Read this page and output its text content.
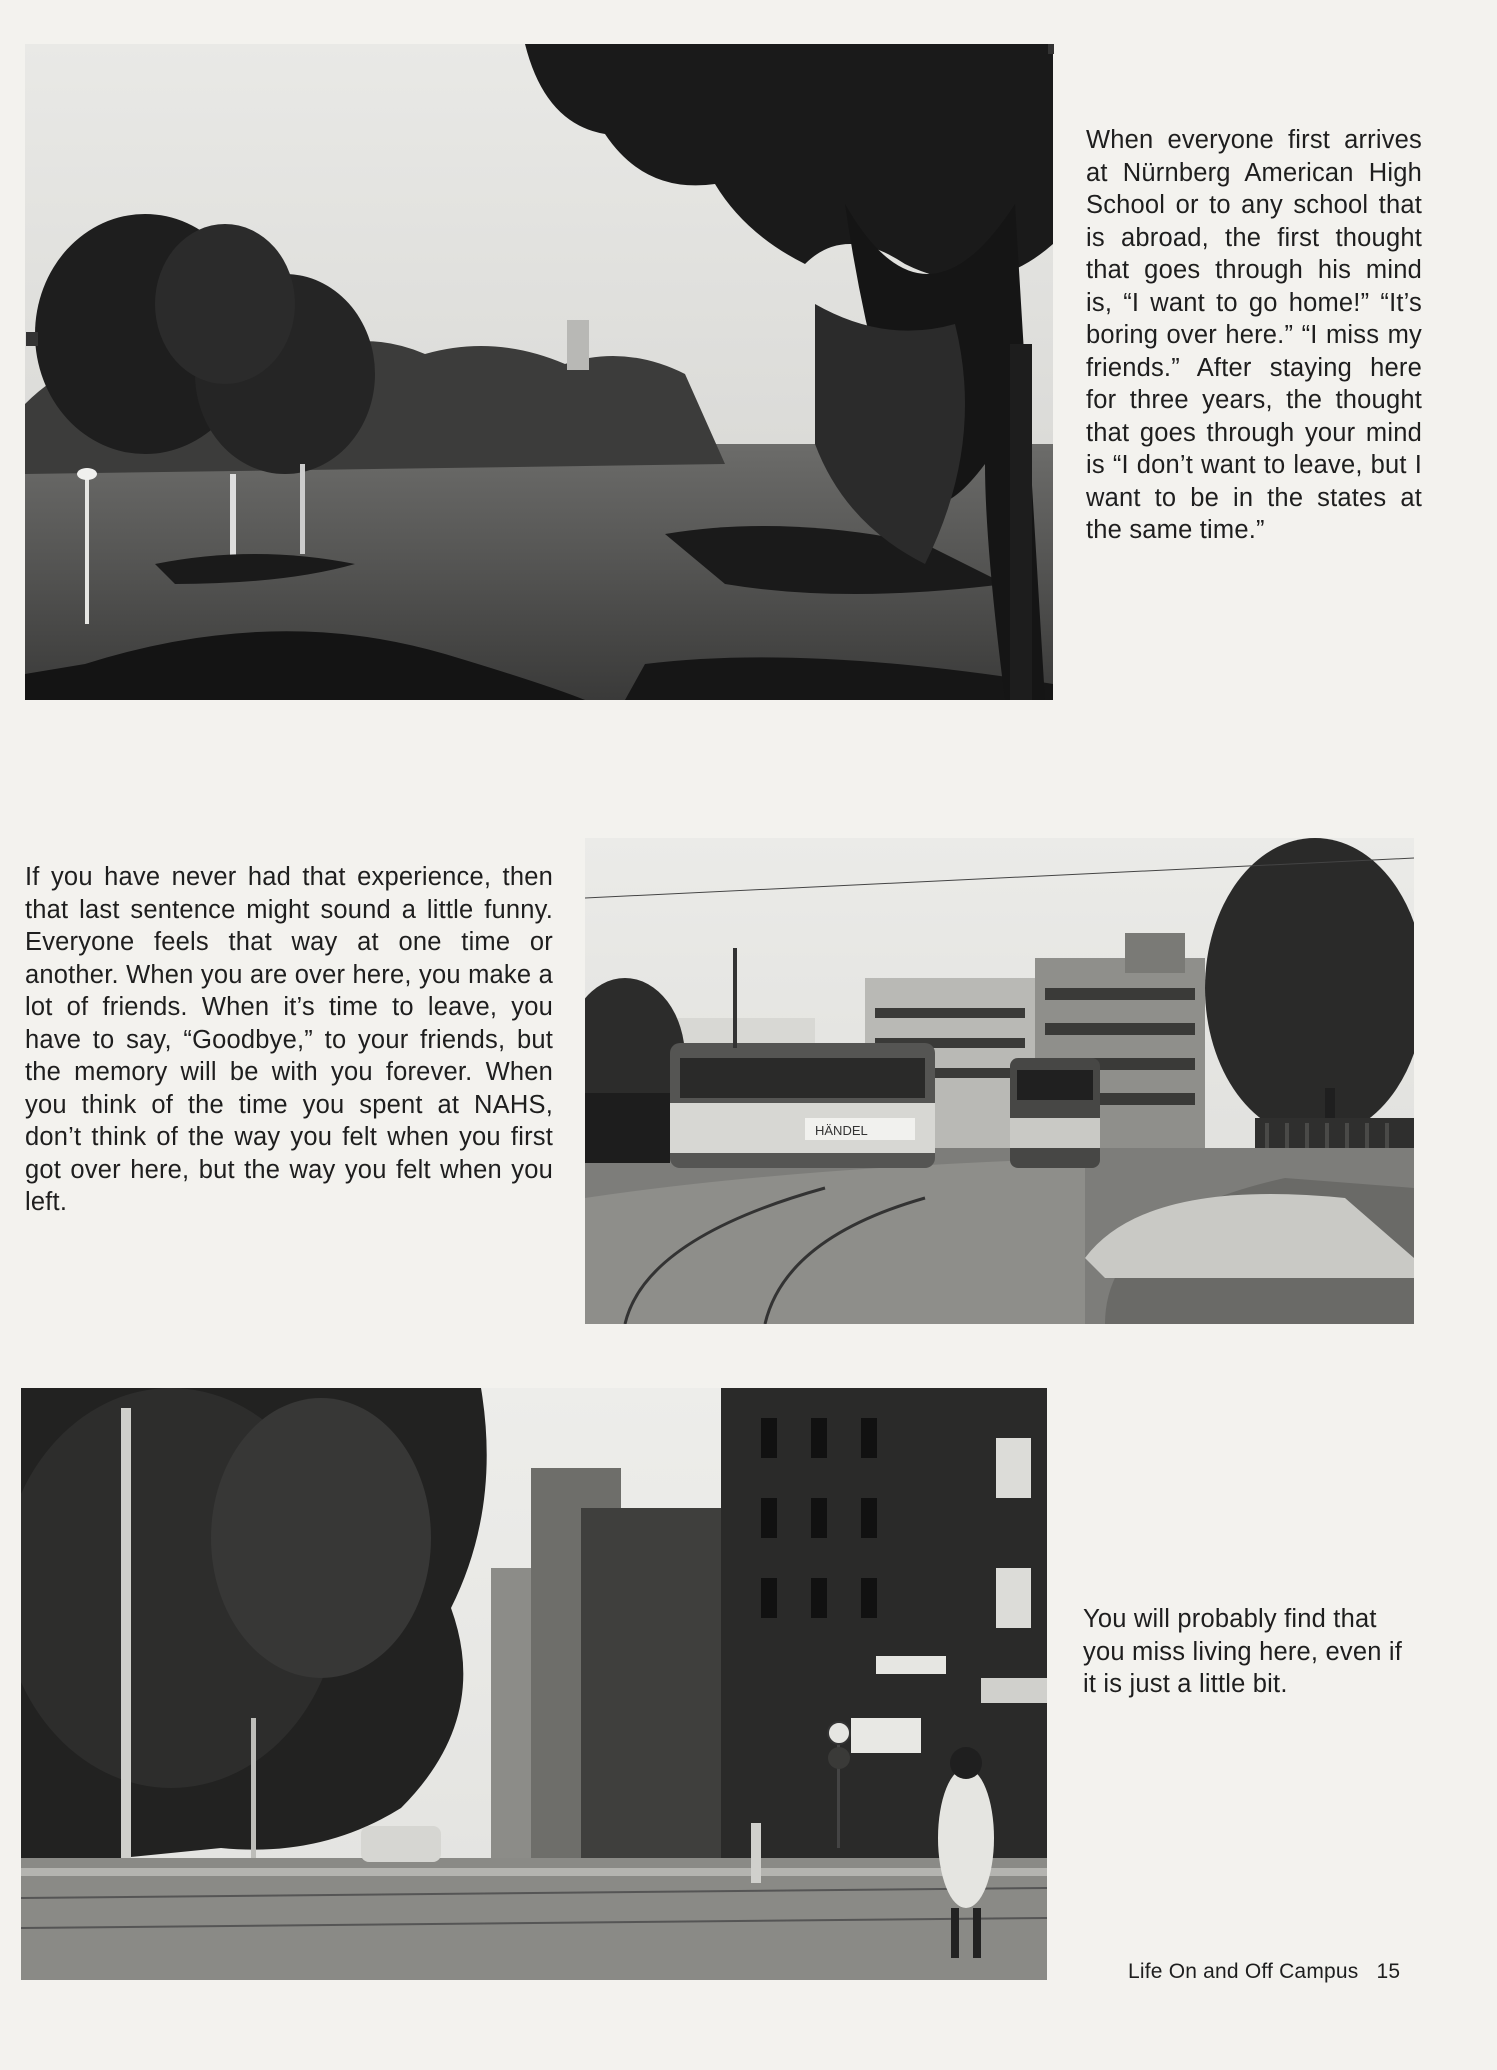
HÄNDEL

When everyone first arrives at Nürnberg American High School or to any school that is abroad, the first thought that goes through his mind is, “I want to go home!” “It’s boring over here.” “I miss my friends.” After staying here for three years, the thought that goes through your mind is “I don’t want to leave, but I want to be in the states at the same time.”

If you have never had that experience, then that last sentence might sound a little funny. Everyone feels that way at one time or another. When you are over here, you make a lot of friends. When it’s time to leave, you have to say, “Goodbye,” to your friends, but the memory will be with you forever. When you think of the time you spent at NAHS, don’t think of the way you felt when you first got over here, but the way you felt when you left.

You will probably find that you miss living here, even if it is just a little bit.

Life On and Off Campus 15
